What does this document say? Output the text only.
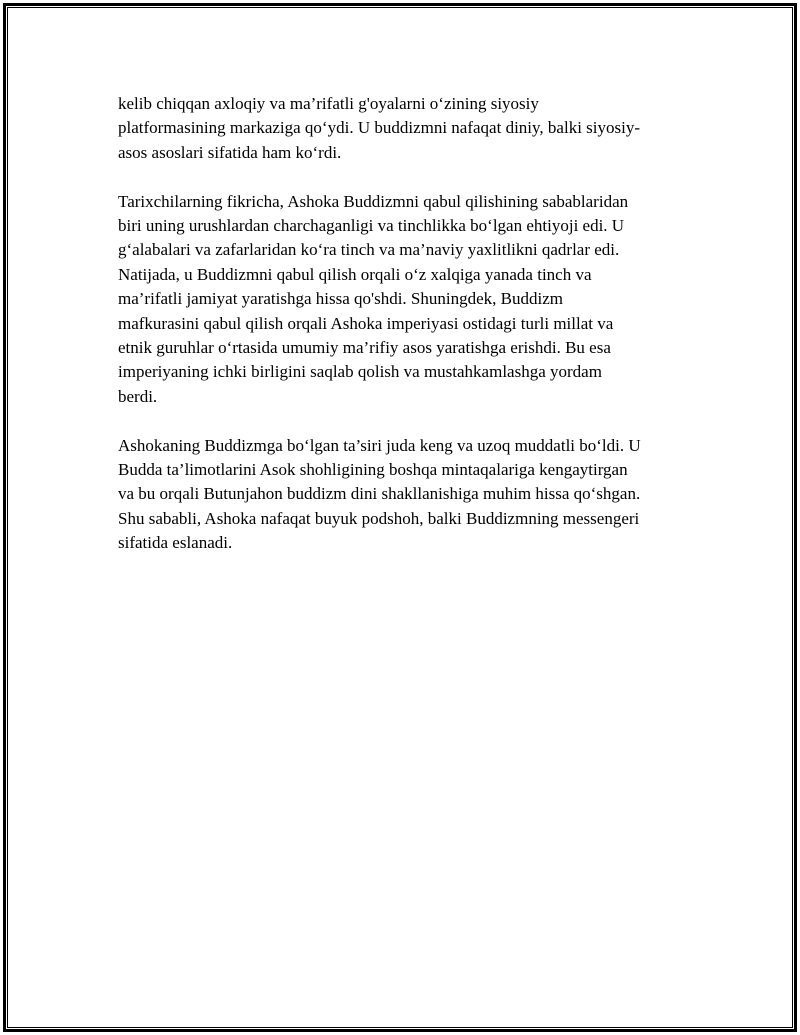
kelib chiqqan axloqiy va ma’rifatli g'oyalarni o‘zining siyosiy
platformasining markaziga qo‘ydi. U buddizmni nafaqat diniy, balki siyosiy-
asos asoslari sifatida ham ko‘rdi.

Tarixchilarning fikricha, Ashoka Buddizmni qabul qilishining sabablaridan
biri uning urushlardan charchaganligi va tinchlikka bo‘lgan ehtiyoji edi. U
g‘alabalari va zafarlaridan ko‘ra tinch va ma’naviy yaxlitlikni qadrlar edi.
Natijada, u Buddizmni qabul qilish orqali o‘z xalqiga yanada tinch va
ma’rifatli jamiyat yaratishga hissa qo'shdi. Shuningdek, Buddizm
mafkurasini qabul qilish orqali Ashoka imperiyasi ostidagi turli millat va
etnik guruhlar o‘rtasida umumiy ma’rifiy asos yaratishga erishdi. Bu esa
imperiyaning ichki birligini saqlab qolish va mustahkamlashga yordam
berdi.

Ashokaning Buddizmga bo‘lgan ta’siri juda keng va uzoq muddatli bo‘ldi. U
Budda ta’limotlarini Asok shohligining boshqa mintaqalariga kengaytirgan
va bu orqali Butunjahon buddizm dini shakllanishiga muhim hissa qo‘shgan.
Shu sababli, Ashoka nafaqat buyuk podshoh, balki Buddizmning messengeri
sifatida eslanadi.
